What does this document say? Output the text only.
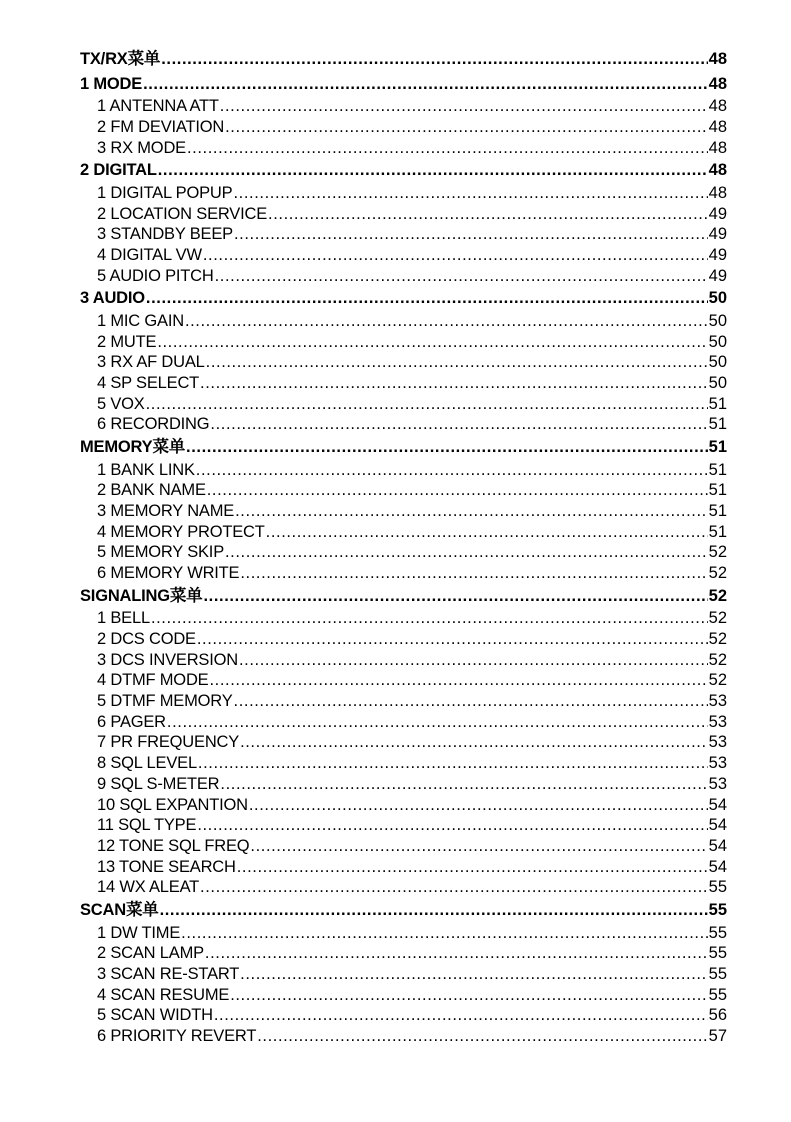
TX/RX菜单 .....	48
1 MODE .....	48
1 ANTENNA ATT .....	48
2 FM DEVIATION .....	48
3 RX MODE .....	48
2 DIGITAL .....	48
1 DIGITAL POPUP .....	48
2 LOCATION SERVICE .....	49
3 STANDBY BEEP .....	49
4 DIGITAL VW .....	49
5 AUDIO PITCH .....	49
3 AUDIO .....	50
1 MIC GAIN .....	50
2 MUTE .....	50
3 RX AF DUAL .....	50
4 SP SELECT .....	50
5 VOX .....	51
6 RECORDING .....	51
MEMORY菜单 .....	51
1 BANK LINK .....	51
2 BANK NAME .....	51
3 MEMORY NAME .....	51
4 MEMORY PROTECT .....	51
5 MEMORY SKIP .....	52
6 MEMORY WRITE .....	52
SIGNALING菜单 .....	52
1 BELL .....	52
2 DCS CODE .....	52
3 DCS INVERSION .....	52
4 DTMF MODE .....	52
5 DTMF MEMORY .....	53
6 PAGER .....	53
7 PR FREQUENCY .....	53
8 SQL LEVEL .....	53
9 SQL S-METER .....	53
10 SQL EXPANTION .....	54
11 SQL TYPE .....	54
12 TONE SQL FREQ .....	54
13 TONE SEARCH .....	54
14 WX ALEAT .....	55
SCAN菜单 .....	55
1 DW TIME .....	55
2 SCAN LAMP .....	55
3 SCAN RE-START .....	55
4 SCAN RESUME .....	55
5 SCAN WIDTH .....	56
6 PRIORITY REVERT .....	57
